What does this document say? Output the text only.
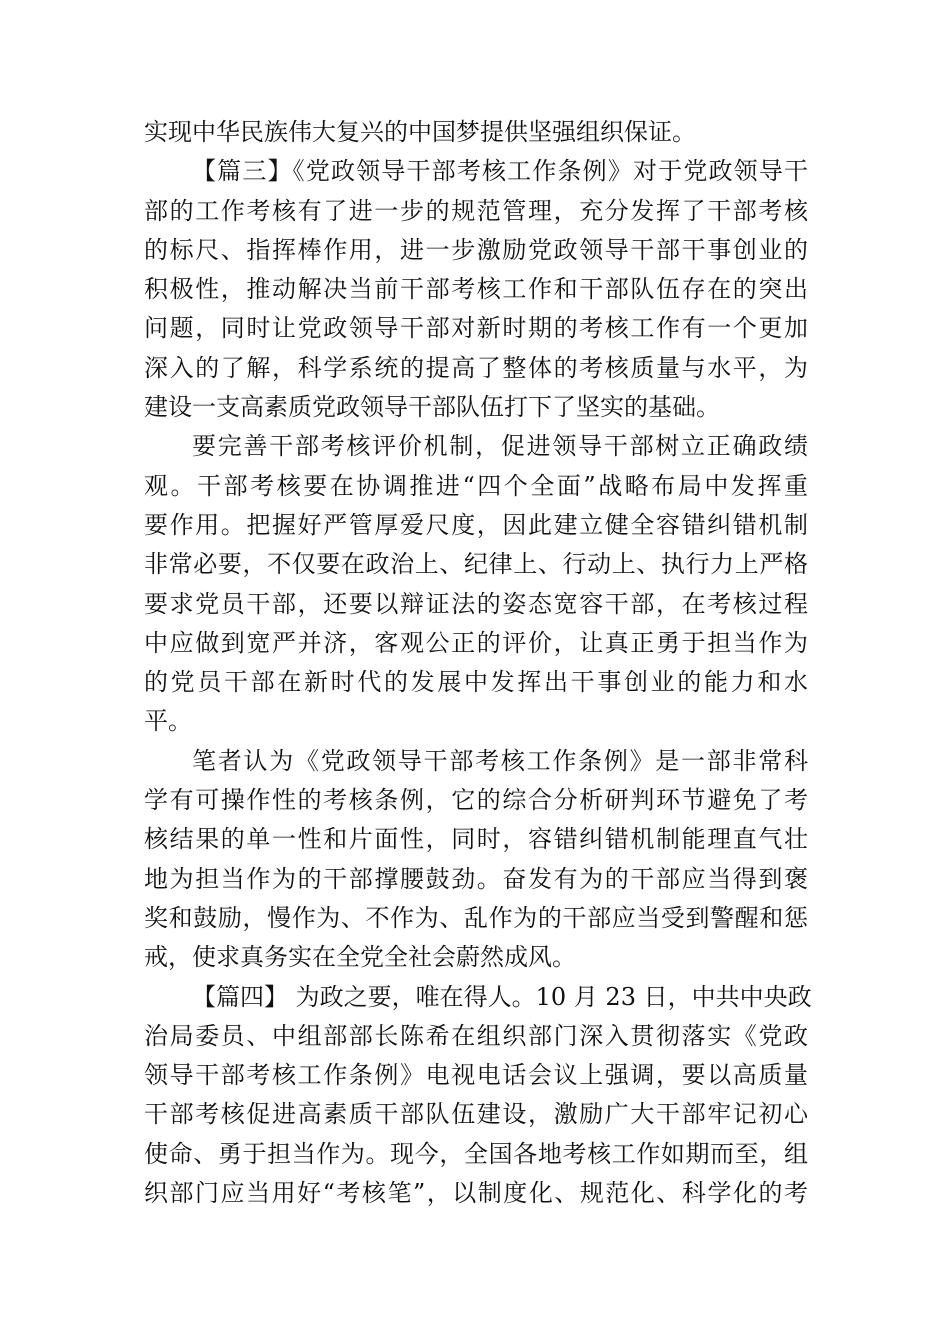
实现中华民族伟大复兴的中国梦提供坚强组织保证。
【篇三】《党政领导干部考核工作条例》对于党政领导干
部的工作考核有了进一步的规范管理，充分发挥了干部考核
的标尺、指挥棒作用，进一步激励党政领导干部干事创业的
积极性，推动解决当前干部考核工作和干部队伍存在的突出
问题，同时让党政领导干部对新时期的考核工作有一个更加
深入的了解，科学系统的提高了整体的考核质量与水平，为
建设一支高素质党政领导干部队伍打下了坚实的基础。
要完善干部考核评价机制，促进领导干部树立正确政绩
观。干部考核要在协调推进“四个全面”战略布局中发挥重
要作用。把握好严管厚爱尺度，因此建立健全容错纠错机制
非常必要，不仅要在政治上、纪律上、行动上、执行力上严格
要求党员干部，还要以辩证法的姿态宽容干部，在考核过程
中应做到宽严并济，客观公正的评价，让真正勇于担当作为
的党员干部在新时代的发展中发挥出干事创业的能力和水
平。
笔者认为《党政领导干部考核工作条例》是一部非常科
学有可操作性的考核条例，它的综合分析研判环节避免了考
核结果的单一性和片面性，同时，容错纠错机制能理直气壮
地为担当作为的干部撑腰鼓劲。奋发有为的干部应当得到褒
奖和鼓励，慢作为、不作为、乱作为的干部应当受到警醒和惩
戒，使求真务实在全党全社会蔚然成风。
【篇四】 为政之要，唯在得人。10 月 23 日，中共中央政
治局委员、中组部部长陈希在组织部门深入贯彻落实《党政
领导干部考核工作条例》电视电话会议上强调，要以高质量
干部考核促进高素质干部队伍建设，激励广大干部牢记初心
使命、勇于担当作为。现今，全国各地考核工作如期而至，组
织部门应当用好“考核笔”，以制度化、规范化、科学化的考
